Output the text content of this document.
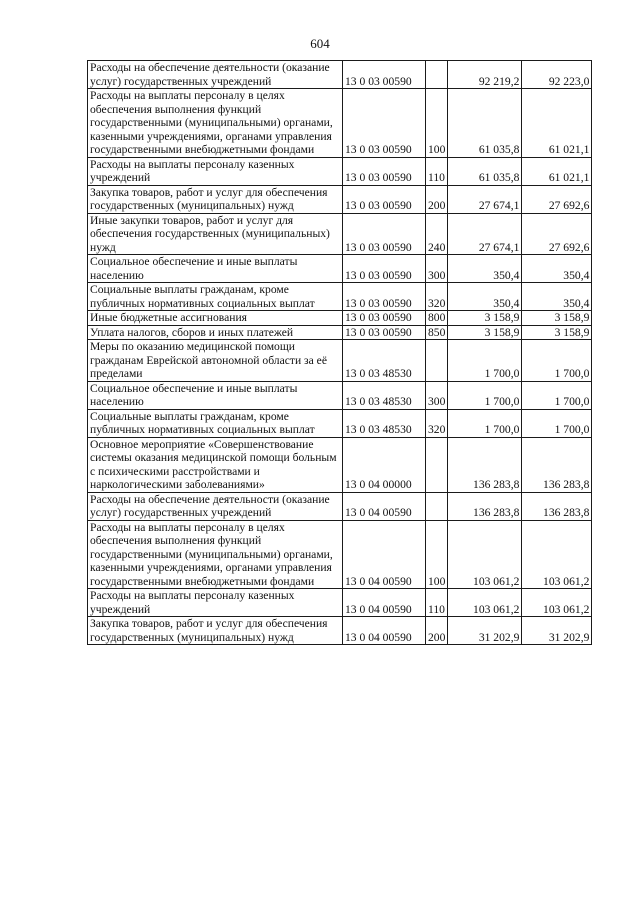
604
Расходы на обеспечение деятельности (оказание услуг) государственных учреждений	13 0 03 00590		92 219,2	92 223,0
Расходы на выплаты персоналу в целях обеспечения выполнения функций государственными (муниципальными) органами, казенными учреждениями, органами управления государственными внебюджетными фондами	13 0 03 00590	100	61 035,8	61 021,1
Расходы на выплаты персоналу казенных учреждений	13 0 03 00590	110	61 035,8	61 021,1
Закупка товаров, работ и услуг для обеспечения государственных (муниципальных) нужд	13 0 03 00590	200	27 674,1	27 692,6
Иные закупки товаров, работ и услуг для обеспечения государственных (муниципальных) нужд	13 0 03 00590	240	27 674,1	27 692,6
Социальное обеспечение и иные выплаты населению	13 0 03 00590	300	350,4	350,4
Социальные выплаты гражданам, кроме публичных нормативных социальных выплат	13 0 03 00590	320	350,4	350,4
Иные бюджетные ассигнования	13 0 03 00590	800	3 158,9	3 158,9
Уплата налогов, сборов и иных платежей	13 0 03 00590	850	3 158,9	3 158,9
Меры по оказанию медицинской помощи гражданам Еврейской автономной области за её пределами	13 0 03 48530		1 700,0	1 700,0
Социальное обеспечение и иные выплаты населению	13 0 03 48530	300	1 700,0	1 700,0
Социальные выплаты гражданам, кроме публичных нормативных социальных выплат	13 0 03 48530	320	1 700,0	1 700,0
Основное мероприятие «Совершенствование системы оказания медицинской помощи больным с психическими расстройствами и наркологическими заболеваниями»	13 0 04 00000		136 283,8	136 283,8
Расходы на обеспечение деятельности (оказание услуг) государственных учреждений	13 0 04 00590		136 283,8	136 283,8
Расходы на выплаты персоналу в целях обеспечения выполнения функций государственными (муниципальными) органами, казенными учреждениями, органами управления государственными внебюджетными фондами	13 0 04 00590	100	103 061,2	103 061,2
Расходы на выплаты персоналу казенных учреждений	13 0 04 00590	110	103 061,2	103 061,2
Закупка товаров, работ и услуг для обеспечения государственных (муниципальных) нужд	13 0 04 00590	200	31 202,9	31 202,9
